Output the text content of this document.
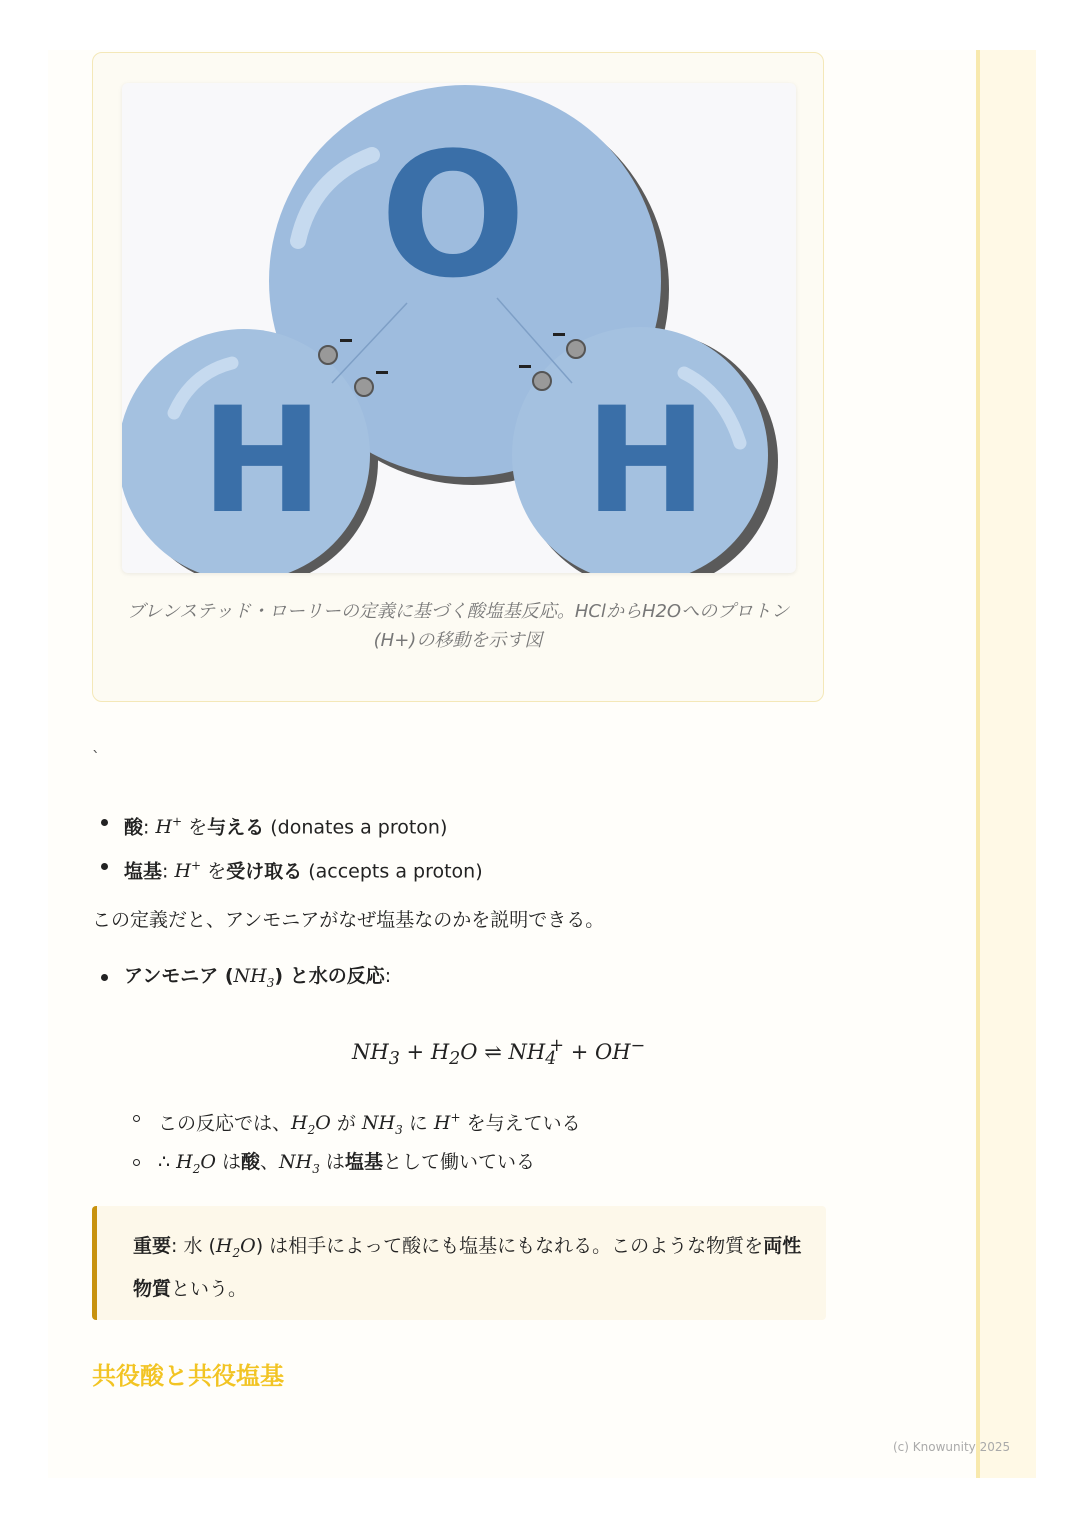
O
H H
ブレンステッド・ローリーの定義に基づく酸塩基反応。HClからH2Oへのプロトン(H+)の移動を示す図
`
酸: H+ を与える (donates a proton)
塩基: H+ を受け取る (accepts a proton)
この定義だと、アンモニアがなぜ塩基なのかを説明できる。
アンモニア $(NH_3)$ と水の反応:
$NH_3 + H_2O$ ⇌ $NH_4^+ + OH^-$
この反応では、$H_2O$ が $NH_3$ に H+ を与えている
∴ $H_2O$ は酸、$NH_3$ は塩基として働いている
重要: 水 $(H_2O)$ は相手によって酸にも塩基にもなれる。このような物質を両性物質という。
共役酸と共役塩基
(c) Knowunity 2025
